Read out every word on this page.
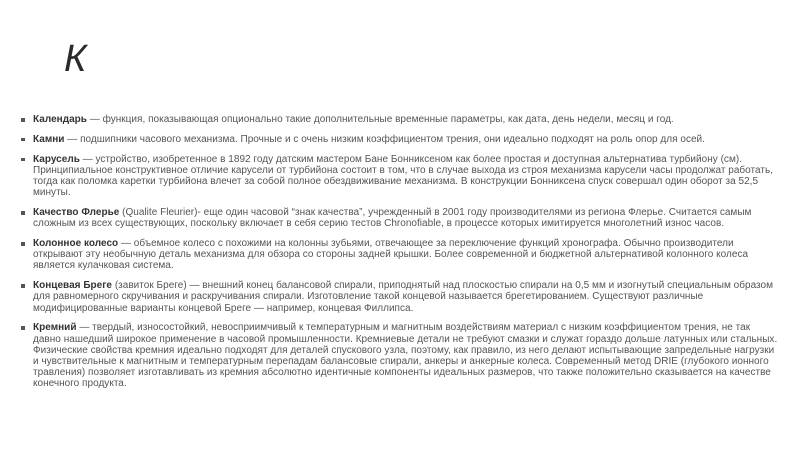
К
Календарь — функция, показывающая опционально такие дополнительные временные параметры, как дата, день недели, месяц и год.
Камни — подшипники часового механизма. Прочные и с очень низким коэффициентом трения, они идеально подходят на роль опор для осей.
Карусель — устройство, изобретенное в 1892 году датским мастером Бане Бонниксеном как более простая и доступная альтернатива турбийону (см). Принципиальное конструктивное отличие карусели от турбийона состоит в том, что в случае выхода из строя механизма карусели часы продолжат работать, тогда как поломка каретки турбийона влечет за собой полное обездвиживание механизма. В конструкции Бонниксена спуск совершал один оборот за 52,5 минуты.
Качество Флерье (Qualite Fleurier)- еще один часовой “знак качества”, учрежденный в 2001 году производителями из региона Флерье. Считается самым сложным из всех существующих, поскольку включает в себя серию тестов Chronofiable, в процессе которых имитируется многолетний износ часов.
Колонное колесо — объемное колесо с похожими на колонны зубьями, отвечающее за переключение функций хронографа. Обычно производители открывают эту необычную деталь механизма для обзора со стороны задней крышки. Более современной и бюджетной альтернативой колонного колеса является кулачковая система.
Концевая Бреге (завиток Бреге) — внешний конец балансовой спирали, приподнятый над плоскостью спирали на 0,5 мм и изогнутый специальным образом для равномерного скручивания и раскручивания спирали. Изготовление такой концевой называется брегетированием. Существуют различные модифицированные варианты концевой Бреге — например, концевая Филлипса.
Кремний — твердый, износостойкий, невосприимчивый к температурным и магнитным воздействиям материал с низким коэффициентом трения, не так давно нашедший широкое применение в часовой промышленности. Кремниевые детали не требуют смазки и служат гораздо дольше латунных или стальных. Физические свойства кремния идеально подходят для деталей спускового узла, поэтому, как правило, из него делают испытывающие запредельные нагрузки и чувствительные к магнитным и температурным перепадам балансовые спирали, анкеры и анкерные колеса. Современный метод DRIE (глубокого ионного травления) позволяет изготавливать из кремния абсолютно идентичные компоненты идеальных размеров, что также положительно сказывается на качестве конечного продукта.
